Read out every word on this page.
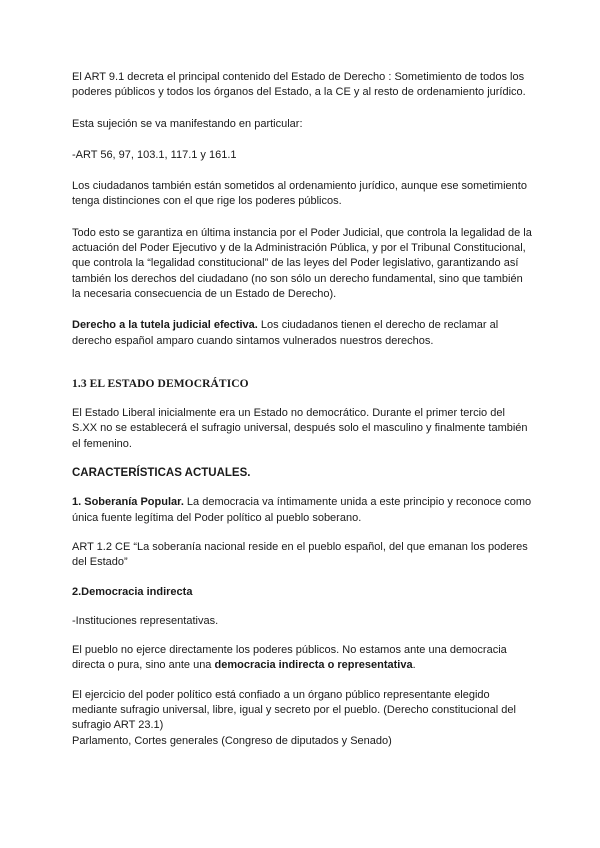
El ART 9.1 decreta el principal contenido del Estado de Derecho : Sometimiento de todos los poderes públicos y todos los órganos del Estado, a la CE y al resto de ordenamiento jurídico.

Esta sujeción se va manifestando en particular:

-ART 56, 97, 103.1, 117.1 y 161.1

Los ciudadanos también están sometidos al ordenamiento jurídico, aunque ese sometimiento tenga distinciones con el que rige los poderes públicos.

Todo esto se garantiza en última instancia por el Poder Judicial, que controla la legalidad de la actuación del Poder Ejecutivo y de la Administración Pública, y por el Tribunal Constitucional, que controla la “legalidad constitucional” de las leyes del Poder legislativo, garantizando así también los derechos del ciudadano (no son sólo un derecho fundamental, sino que también la necesaria consecuencia de un Estado de Derecho).

Derecho a la tutela judicial efectiva. Los ciudadanos tienen el derecho de reclamar al derecho español amparo cuando sintamos vulnerados nuestros derechos.

1.3 EL ESTADO DEMOCRÁTICO

El Estado Liberal inicialmente era un Estado no democrático. Durante el primer tercio del S.XX no se establecerá el sufragio universal, después solo el masculino y finalmente también el femenino.

CARACTERÍSTICAS ACTUALES.

1. Soberanía Popular. La democracia va íntimamente unida a este principio y reconoce como única fuente legítima del Poder político al pueblo soberano.

ART 1.2 CE “La soberanía nacional reside en el pueblo español, del que emanan los poderes del Estado”

2.Democracia indirecta

-Instituciones representativas.

El pueblo no ejerce directamente los poderes públicos. No estamos ante una democracia directa o pura, sino ante una democracia indirecta o representativa.

El ejercicio del poder político está confiado a un órgano público representante elegido mediante sufragio universal, libre, igual y secreto por el pueblo. (Derecho constitucional del sufragio ART 23.1)

Parlamento, Cortes generales (Congreso de diputados y Senado)
